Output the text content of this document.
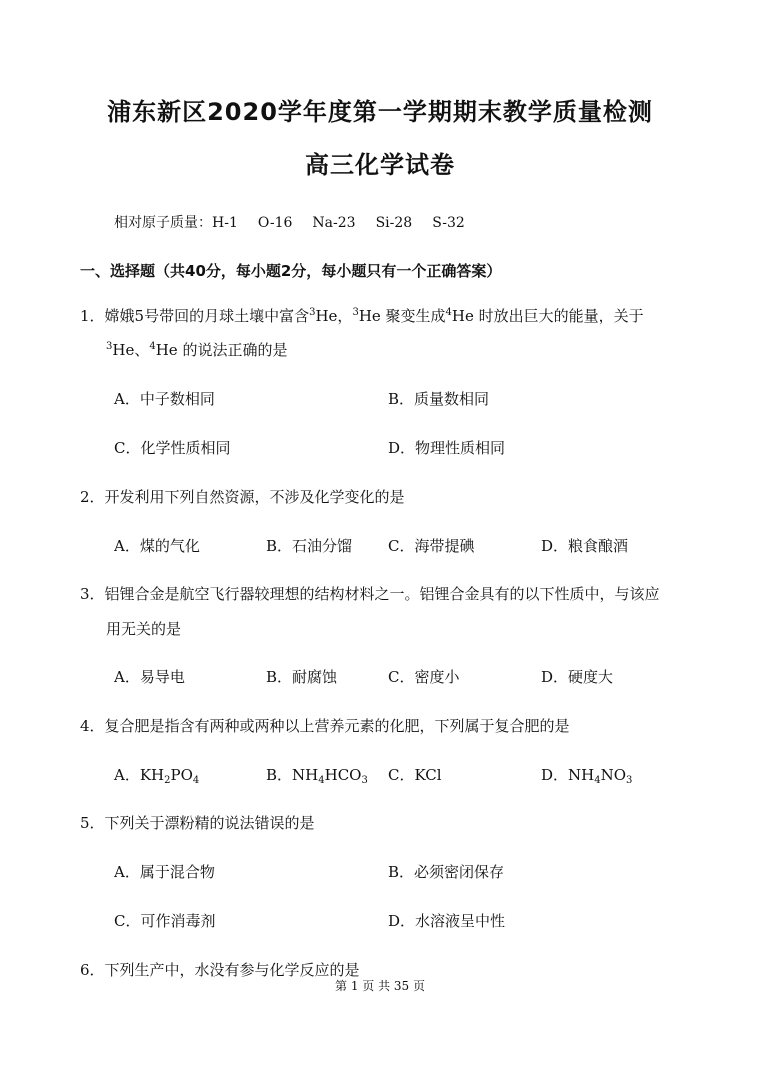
浦东新区2020学年度第一学期期末教学质量检测
高三化学试卷
相对原子质量：H-1 O-16 Na-23 Si-28 S-32
一、选择题（共40分，每小题2分，每小题只有一个正确答案）
1．嫦娥5号带回的月球土壤中富含$^3$He，$^3$He 聚变生成$^4$He 时放出巨大的能量，关于
$^3$He、$^4$He 的说法正确的是
A．中子数相同	B．质量数相同
C．化学性质相同	D．物理性质相同
2．开发利用下列自然资源，不涉及化学变化的是
A．煤的气化	B．石油分馏 C．海带提碘	D．粮食酿酒
3．铝锂合金是航空飞行器较理想的结构材料之一。铝锂合金具有的以下性质中，与该应
用无关的是
A．易导电	B．耐腐蚀	C．密度小	D．硬度大
4．复合肥是指含有两种或两种以上营养元素的化肥，下列属于复合肥的是
A．$KH_2PO_4$	B．$NH_4HCO_3$ C．KCl	D．$NH_4NO_3$
5．下列关于漂粉精的说法错误的是
A．属于混合物	B．必须密闭保存
C．可作消毒剂	D．水溶液呈中性
6．下列生产中，水没有参与化学反应的是
第 1 页 共 35 页
